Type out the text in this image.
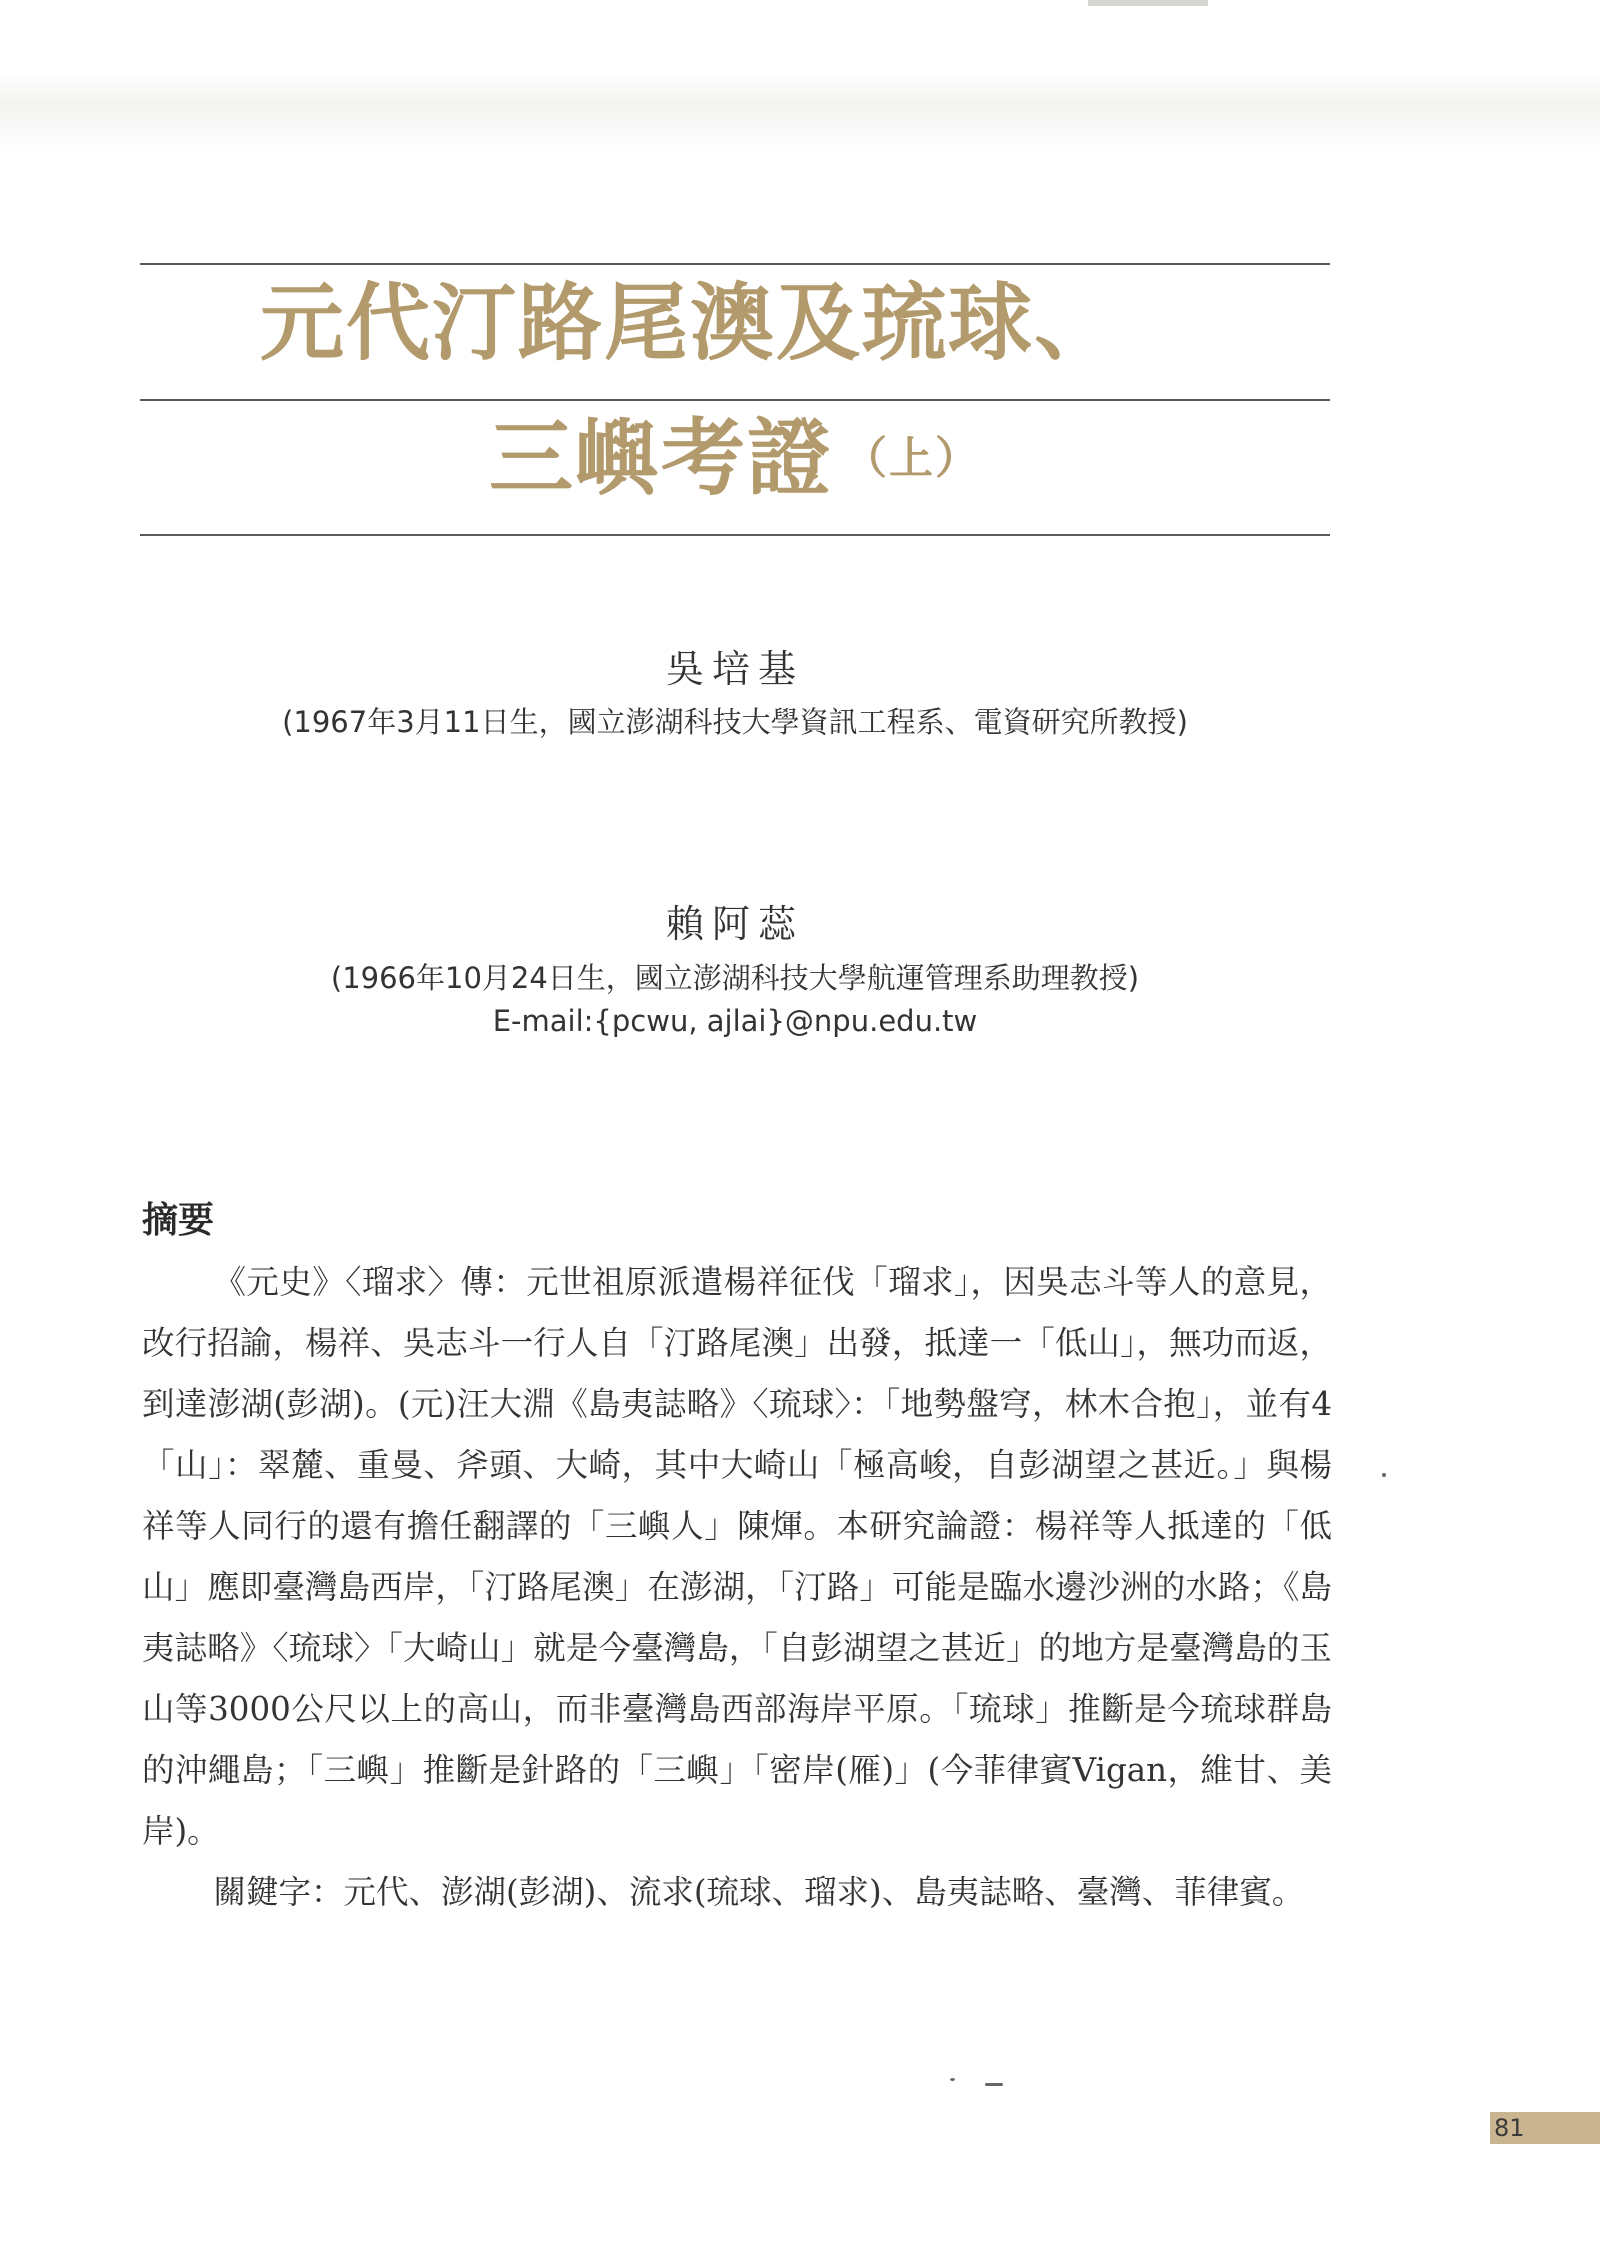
元代汀路尾澳及琉球、
三嶼考證 （上）
吳培基
(1967年3月11日生，國立澎湖科技大學資訊工程系、電資研究所教授)
賴阿蕊
(1966年10月24日生，國立澎湖科技大學航運管理系助理教授)
E-mail:{pcwu, ajlai}@npu.edu.tw
摘要

《元史》〈瑠求〉傳：元世祖原派遣楊祥征伐「瑠求」，因吳志斗等人的意見，改行招諭，楊祥、吳志斗一行人自「汀路尾澳」出發，抵達一「低山」，無功而返，到達澎湖(彭湖)。(元)汪大淵《島夷誌略》〈琉球〉：「地勢盤穹，林木合抱」，並有4「山」：翠麓、重曼、斧頭、大崎，其中大崎山「極高峻，自彭湖望之甚近。」與楊祥等人同行的還有擔任翻譯的「三嶼人」陳煇。本研究論證：楊祥等人抵達的「低山」應即臺灣島西岸，「汀路尾澳」在澎湖，「汀路」可能是臨水邊沙洲的水路；《島夷誌略》〈琉球〉「大崎山」就是今臺灣島，「自彭湖望之甚近」的地方是臺灣島的玉山等3000公尺以上的高山，而非臺灣島西部海岸平原。「琉球」推斷是今琉球群島的沖繩島；「三嶼」推斷是針路的「三嶼」「密岸(雁)」(今菲律賓Vigan，維甘、美岸)。

關鍵字：元代、澎湖(彭湖)、流求(琉球、瑠求)、島夷誌略、臺灣、菲律賓。

81
